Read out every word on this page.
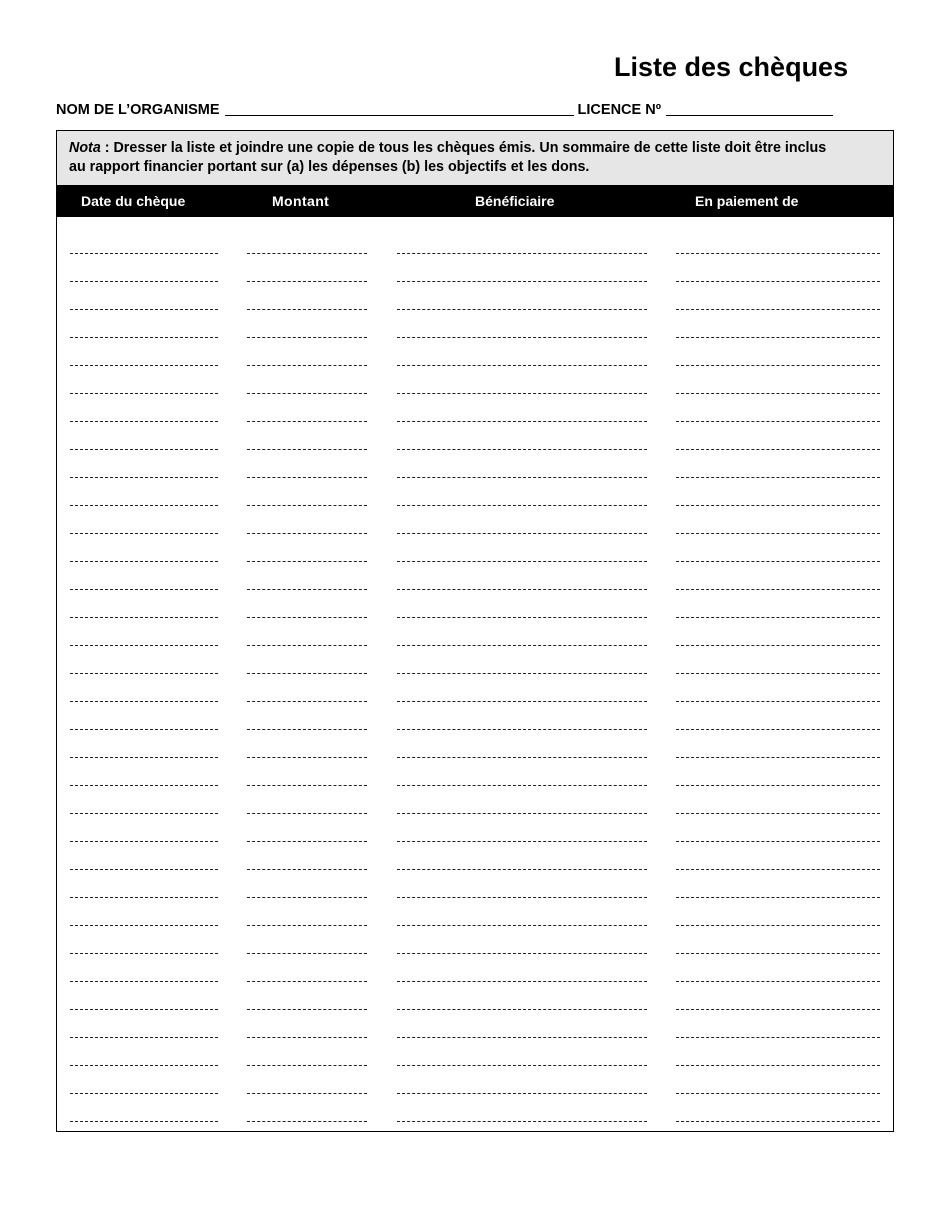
Liste des chèques
NOM DE L’ORGANISME	LICENCE Nº
Nota : Dresser la liste et joindre une copie de tous les chèques émis. Un sommaire de cette liste doit être inclus
au rapport financier portant sur (a) les dépenses (b) les objectifs et les dons.
Date du chèque	Montant	Bénéficiaire	En paiement de
